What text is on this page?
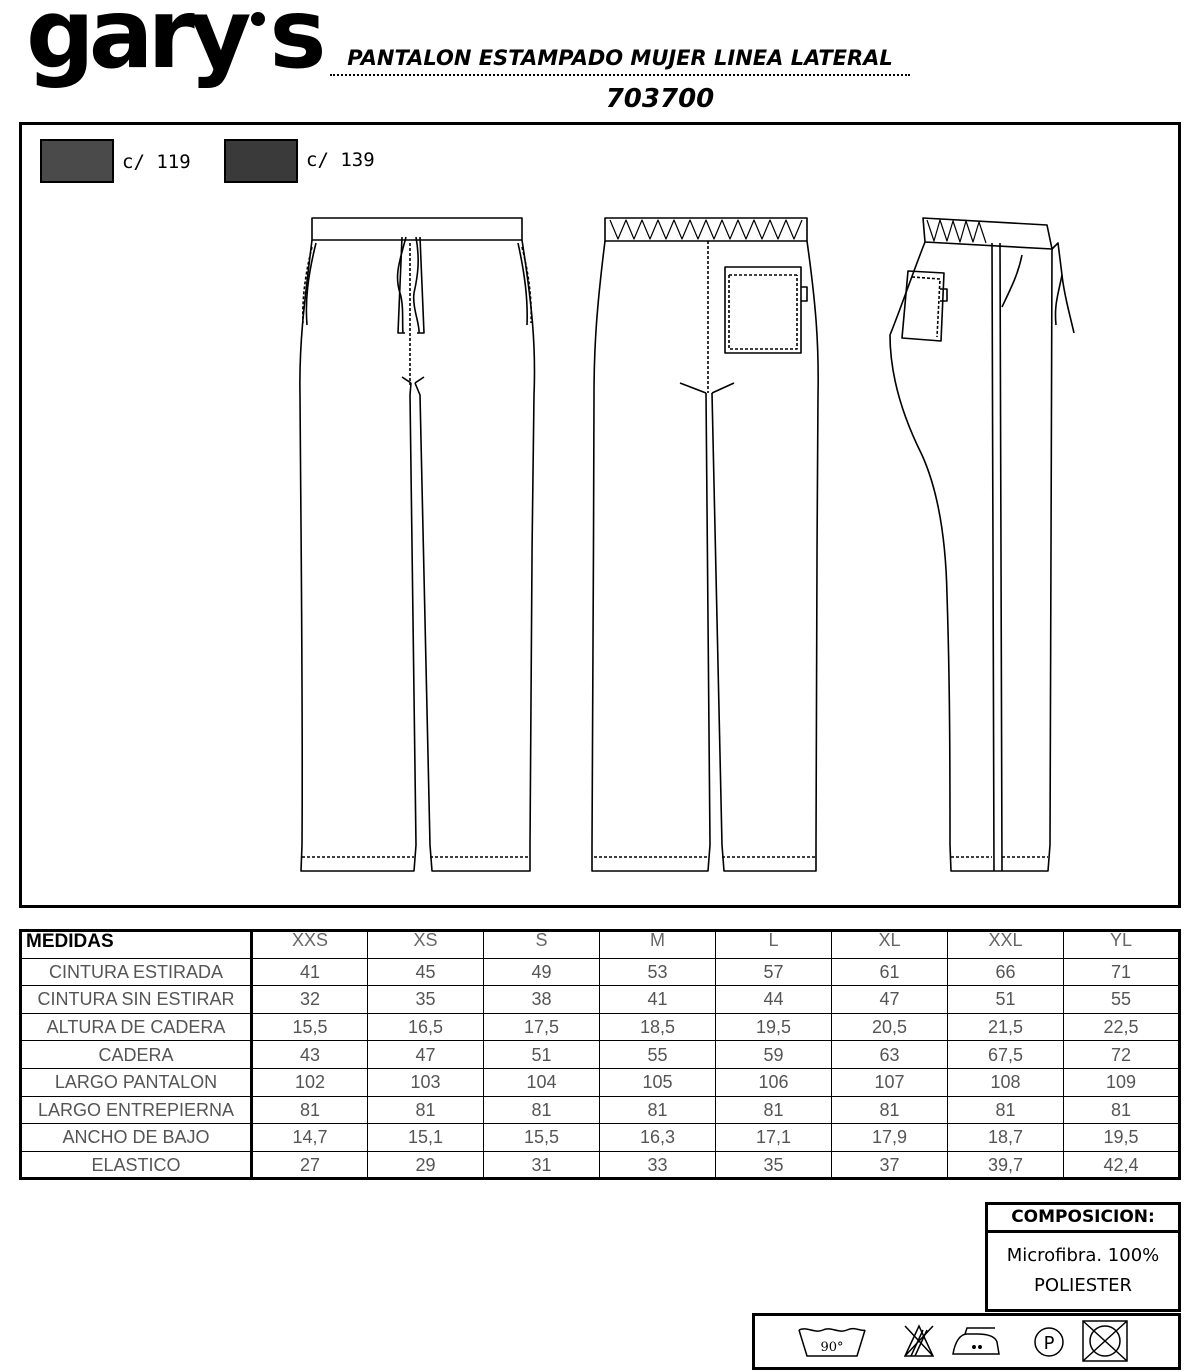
gary s	PANTALON ESTAMPADO MUJER LINEA LATERAL
703700
c/ 119	c/ 139
MEDIDAS	XXS	XS	S	M	L	XL	XXL	YL
CINTURA ESTIRADA	41	45	49	53	57	61	66	71
CINTURA SIN ESTIRAR	32	35	38	41	44	47	51	55
ALTURA DE CADERA	15,5	16,5	17,5	18,5	19,5	20,5	21,5	22,5
CADERA	43	47	51	55	59	63	67,5	72
LARGO PANTALON	102	103	104	105	106	107	108	109
LARGO ENTREPIERNA	81	81	81	81	81	81	81	81
ANCHO DE BAJO	14,7	15,1	15,5	16,3	17,1	17,9	18,7	19,5
ELASTICO	27	29	31	33	35	37	39,7	42,4
COMPOSICION:
Microfibra. 100%
POLIESTER
90°	P
